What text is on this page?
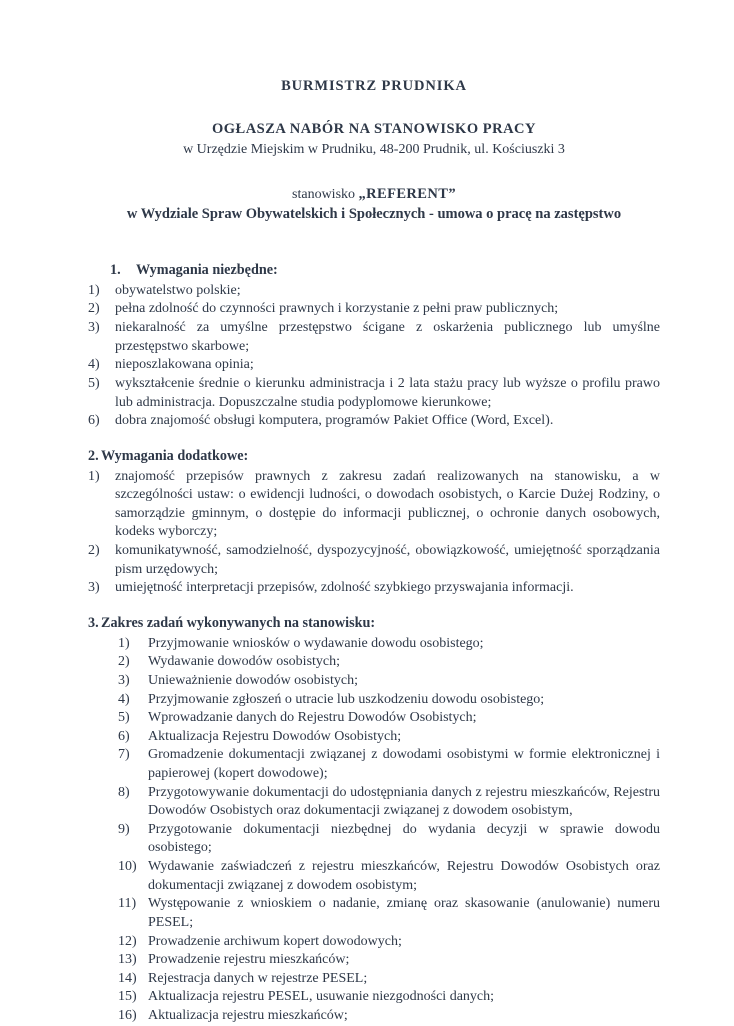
BURMISTRZ PRUDNIKA

OGŁASZA NABÓR NA STANOWISKO PRACY

w Urzędzie Miejskim w Prudniku, 48-200 Prudnik, ul. Kościuszki 3

stanowisko „REFERENT”

w Wydziale Spraw Obywatelskich i Społecznych - umowa o pracę na zastępstwo

1.	Wymagania niezbędne:
1)	obywatelstwo polskie;
2)	pełna zdolność do czynności prawnych i korzystanie z pełni praw publicznych;
3)	niekaralność za umyślne przestępstwo ścigane z oskarżenia publicznego lub umyślne przestępstwo skarbowe;
4)	nieposzlakowana opinia;
5)	wykształcenie średnie o kierunku administracja i 2 lata stażu pracy lub wyższe o profilu prawo lub administracja. Dopuszczalne studia podyplomowe kierunkowe;
6)	dobra znajomość obsługi komputera, programów Pakiet Office (Word, Excel).
2. Wymagania dodatkowe:
1)	znajomość przepisów prawnych z zakresu zadań realizowanych na stanowisku, a w szczególności ustaw: o ewidencji ludności, o dowodach osobistych, o Karcie Dużej Rodziny, o samorządzie gminnym, o dostępie do informacji publicznej, o ochronie danych osobowych, kodeks wyborczy;
2)	komunikatywność, samodzielność, dyspozycyjność, obowiązkowość, umiejętność sporządzania pism urzędowych;
3)	umiejętność interpretacji przepisów, zdolność szybkiego przyswajania informacji.
3. Zakres zadań wykonywanych na stanowisku:
1)	Przyjmowanie wniosków o wydawanie dowodu osobistego;
2)	Wydawanie dowodów osobistych;
3)	Unieważnienie dowodów osobistych;
4)	Przyjmowanie zgłoszeń o utracie lub uszkodzeniu dowodu osobistego;
5)	Wprowadzanie danych do Rejestru Dowodów Osobistych;
6)	Aktualizacja Rejestru Dowodów Osobistych;
7)	Gromadzenie dokumentacji związanej z dowodami osobistymi w formie elektronicznej i papierowej (kopert dowodowe);
8)	Przygotowywanie dokumentacji do udostępniania danych z rejestru mieszkańców, Rejestru Dowodów Osobistych oraz dokumentacji związanej z dowodem osobistym,
9)	Przygotowanie dokumentacji niezbędnej do wydania decyzji w sprawie dowodu osobistego;
10) Wydawanie zaświadczeń z rejestru mieszkańców, Rejestru Dowodów Osobistych oraz dokumentacji związanej z dowodem osobistym;
11) Występowanie z wnioskiem o nadanie, zmianę oraz skasowanie (anulowanie) numeru PESEL;
12) Prowadzenie archiwum kopert dowodowych;
13) Prowadzenie rejestru mieszkańców;
14) Rejestracja danych w rejestrze PESEL;
15) Aktualizacja rejestru PESEL, usuwanie niezgodności danych;
16) Aktualizacja rejestru mieszkańców;
